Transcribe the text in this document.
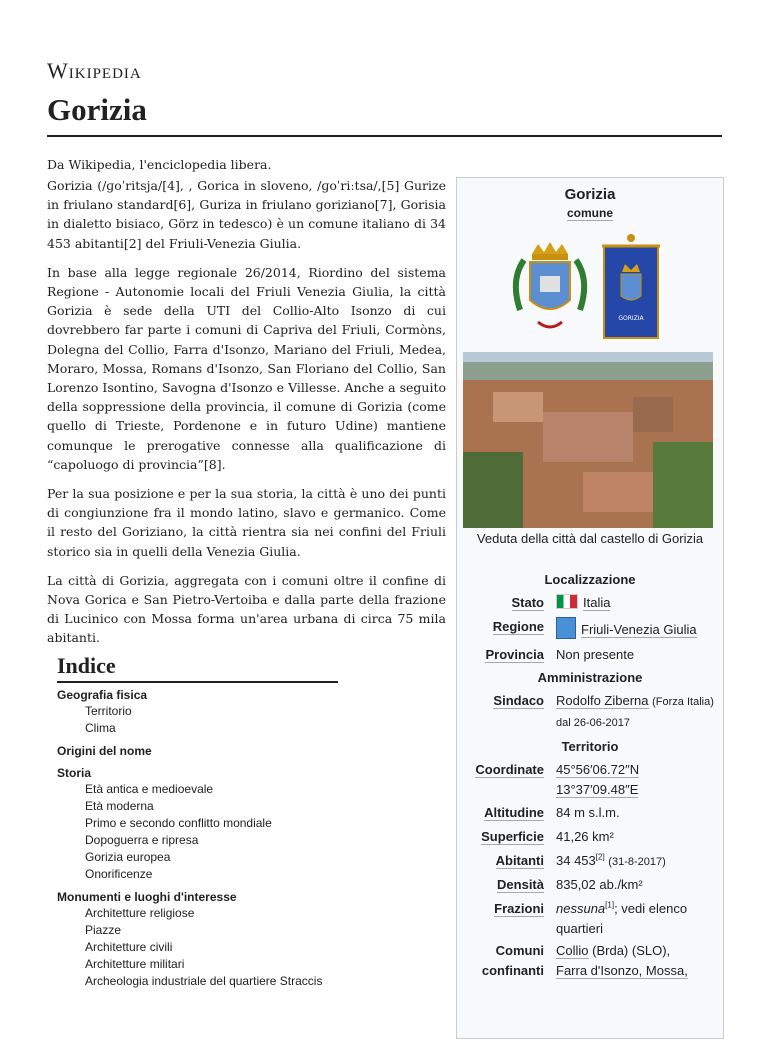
Wikipedia
Gorizia
Da Wikipedia, l'enciclopedia libera.

Gorizia (/ɡoˈritsja/[4], , Gorica in sloveno, /ɡoˈriːtsa/,[5] Gurize in friulano standard[6], Guriza in friulano goriziano[7], Gorisia in dialetto bisiaco, Görz in tedesco) è un comune italiano di 34 453 abitanti[2] del Friuli-Venezia Giulia.

In base alla legge regionale 26/2014, Riordino del sistema Regione - Autonomie locali del Friuli Venezia Giulia, la città Gorizia è sede della UTI del Collio-Alto Isonzo di cui dovrebbero far parte i comuni di Capriva del Friuli, Cormòns, Dolegna del Collio, Farra d'Isonzo, Mariano del Friuli, Medea, Moraro, Mossa, Romans d'Isonzo, San Floriano del Collio, San Lorenzo Isontino, Savogna d'Isonzo e Villesse. Anche a seguito della soppressione della provincia, il comune di Gorizia (come quello di Trieste, Pordenone e in futuro Udine) mantiene comunque le prerogative connesse alla qualificazione di “capoluogo di provincia”[8].

Per la sua posizione e per la sua storia, la città è uno dei punti di congiunzione fra il mondo latino, slavo e germanico. Come il resto del Goriziano, la città rientra sia nei confini del Friuli storico sia in quelli della Venezia Giulia.

La città di Gorizia, aggregata con i comuni oltre il confine di Nova Gorica e San Pietro-Vertoiba e dalla parte della frazione di Lucinico con Mossa forma un'area urbana di circa 75 mila abitanti.

Gorizia
comune
GORIZIA
Veduta della città dal castello di Gorizia
Localizzazione
Stato	Italia
Regione	Friuli-Venezia Giulia
Provincia Non presente
Amministrazione
Sindaco Rodolfo Ziberna (Forza Italia)
dal 26-06-2017
Territorio
Coordinate 45°56′06.72″N
13°37′09.48″E
Altitudine 84 m s.l.m.
Superficie 41,26 km²
Abitanti 34 453[2] (31-8-2017)
Densità 835,02 ab./km²
Frazioni nessuna[1]; vedi elenco quartieri
Comuni
confinanti
Collio (Brda) (SLO),
Farra d'Isonzo, Mossa,
Indice
Geografia fisica
Territorio
Clima
Origini del nome
Storia
Età antica e medioevale
Età moderna
Primo e secondo conflitto mondiale
Dopoguerra e ripresa
Gorizia europea
Onorificenze
Monumenti e luoghi d'interesse
Architetture religiose
Piazze
Architetture civili
Architetture militari
Archeologia industriale del quartiere Straccis
